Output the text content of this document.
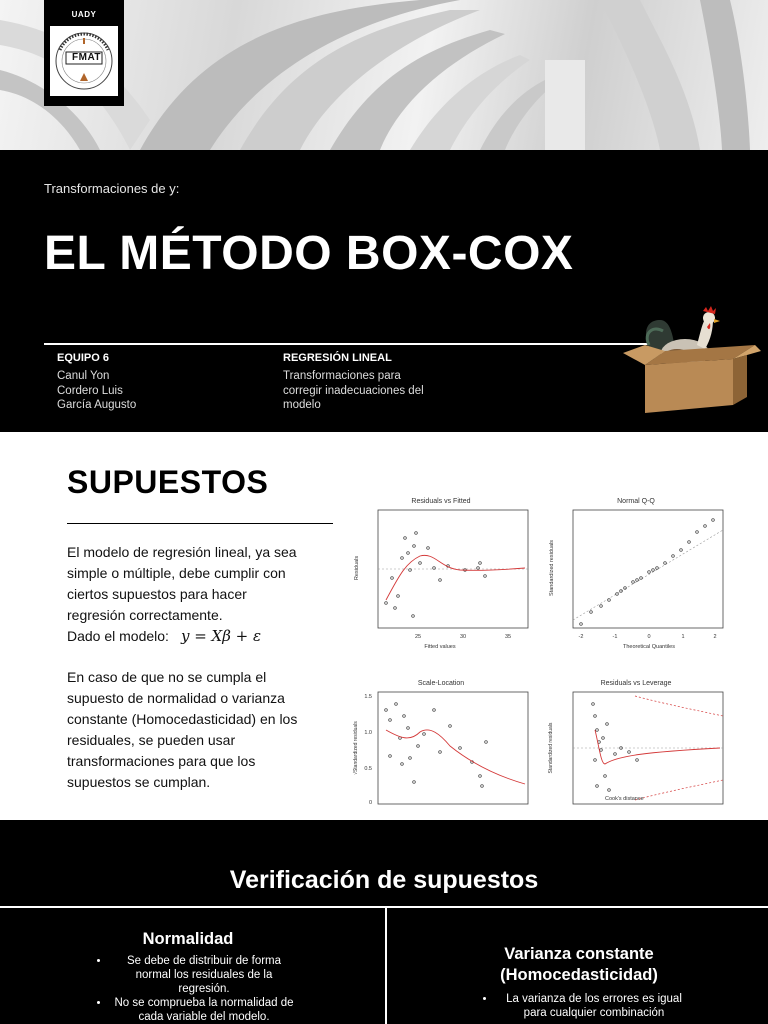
UADY
FMAT
Transformaciones de y:
EL MÉTODO BOX-COX
EQUIPO 6
Canul Yon
Cordero Luis
García Augusto
REGRESIÓN LINEAL
Transformaciones para
corregir inadecuaciones del
modelo
SUPUESTOS
El modelo de regresión lineal, ya sea
simple o múltiple, debe cumplir con
ciertos supuestos para hacer
regresión correctamente.
Dado el modelo: y = Xβ + ε
En caso de que no se cumpla el
supuesto de normalidad o varianza
constante (Homocedasticidad) en los
residuales, se pueden usar
transformaciones para que los
supuestos se cumplan.
Residuals vs Fitted
Fitted values
Residuals
25	30	35
Normal Q-Q
-2	-1	0	1	2
Theoretical Quantiles
Standardized residuals
Scale-Location
1.5
1.0
0.5
0
√Standardized residuals
Residuals vs Leverage
Cook's distance
Standardized residuals
Verificación de supuestos
Normalidad
• Se debe de distribuir de forma normal los residuales de la regresión.
• No se comprueba la normalidad de cada variable del modelo.
Varianza constante
(Homocedasticidad)
• La varianza de los errores es igual para cualquier combinación
